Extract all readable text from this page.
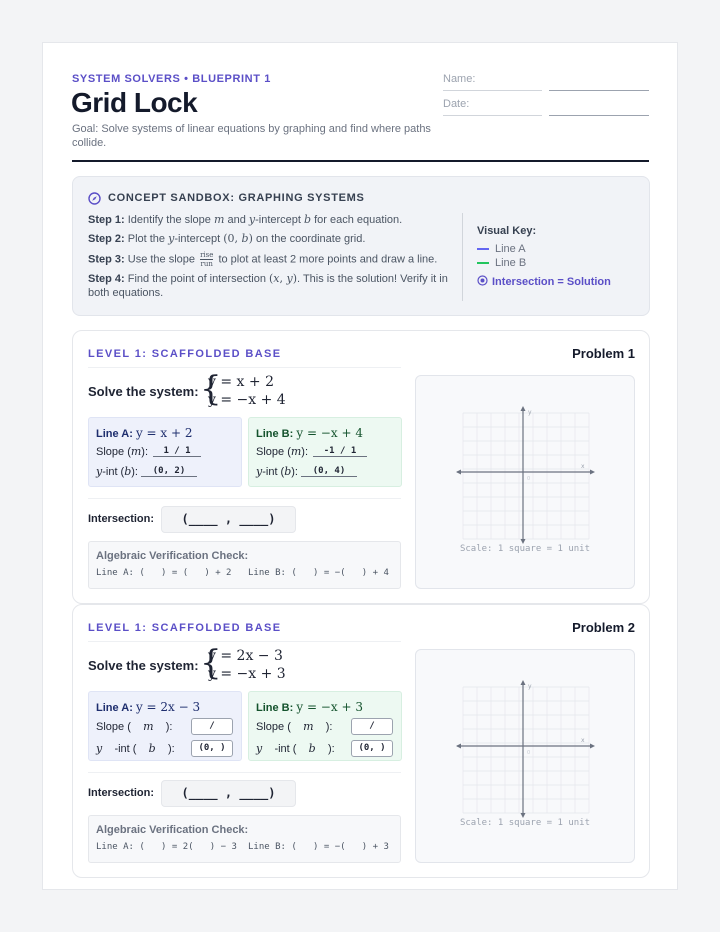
SYSTEM SOLVERS • BLUEPRINT 1
Grid Lock
Goal: Solve systems of linear equations by graphing and find where paths collide.
Name:
Date:
CONCEPT SANDBOX: GRAPHING SYSTEMS
Step 1: Identify the slope m and y-intercept b for each equation.
Step 2: Plot the y-intercept (0, b) on the coordinate grid.
Step 3: Use the slope rise
run to plot at least 2 more points and draw a line.
Step 4: Find the point of intersection (x, y). This is the solution! Verify it in both equations.
Visual Key:
Line A
Line B
Intersection = Solution
LEVEL 1: SCAFFOLDED BASE	Problem 1
Solve the system: {
y = x + 2
y = −x + 4
Line A: y = x + 2
Slope (m):	1 / 1
y-int (b):	(0, 2)
Line B: y = −x + 4
Slope (m):	-1 / 1
y-int (b):	(0, 4)
Intersection:	(____ , ____)
Algebraic Verification Check:
Line A: (   ) = (   ) + 2 Line B: (   ) = −(   ) + 4
y
x
0
Scale: 1 square = 1 unit
LEVEL 1: SCAFFOLDED BASE	Problem 2
Solve the system: {
y = 2x − 3
y = −x + 3
Line A: y = 2x − 3
Slope (    m    ):	/
y    -int (    b    ):	(0, )
Line B: y = −x + 3
Slope (    m    ):	/
y    -int (    b    ):	(0, )
Intersection:	(____ , ____)
Algebraic Verification Check:
Line A: (   ) = 2(   ) − 3 Line B: (   ) = −(   ) + 3
y
x
0
Scale: 1 square = 1 unit
